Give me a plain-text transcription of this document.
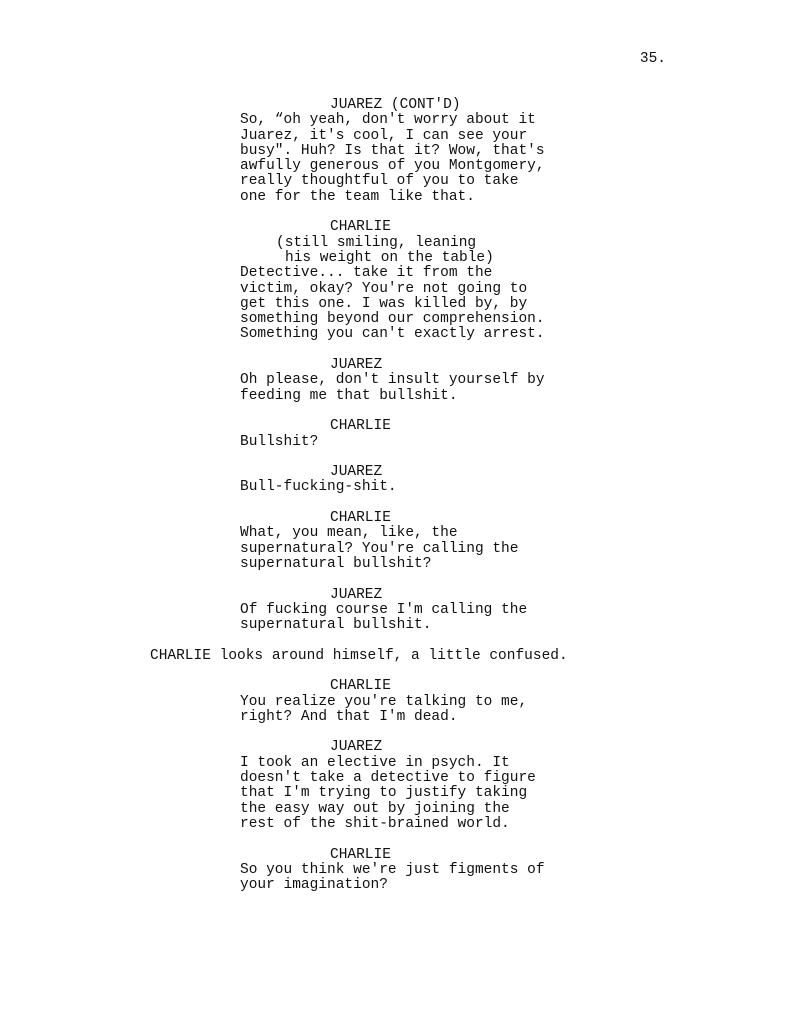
35.
JUAREZ (CONT'D)
So, “oh yeah, don't worry about it
Juarez, it's cool, I can see your
busy". Huh? Is that it? Wow, that's
awfully generous of you Montgomery,
really thoughtful of you to take
one for the team like that.
CHARLIE
(still smiling, leaning
his weight on the table)
Detective... take it from the
victim, okay? You're not going to
get this one. I was killed by, by
something beyond our comprehension.
Something you can't exactly arrest.
JUAREZ
Oh please, don't insult yourself by
feeding me that bullshit.
CHARLIE
Bullshit?
JUAREZ
Bull-fucking-shit.
CHARLIE
What, you mean, like, the
supernatural? You're calling the
supernatural bullshit?
JUAREZ
Of fucking course I'm calling the
supernatural bullshit.
CHARLIE looks around himself, a little confused.
CHARLIE
You realize you're talking to me,
right? And that I'm dead.
JUAREZ
I took an elective in psych. It
doesn't take a detective to figure
that I'm trying to justify taking
the easy way out by joining the
rest of the shit-brained world.
CHARLIE
So you think we're just figments of
your imagination?
